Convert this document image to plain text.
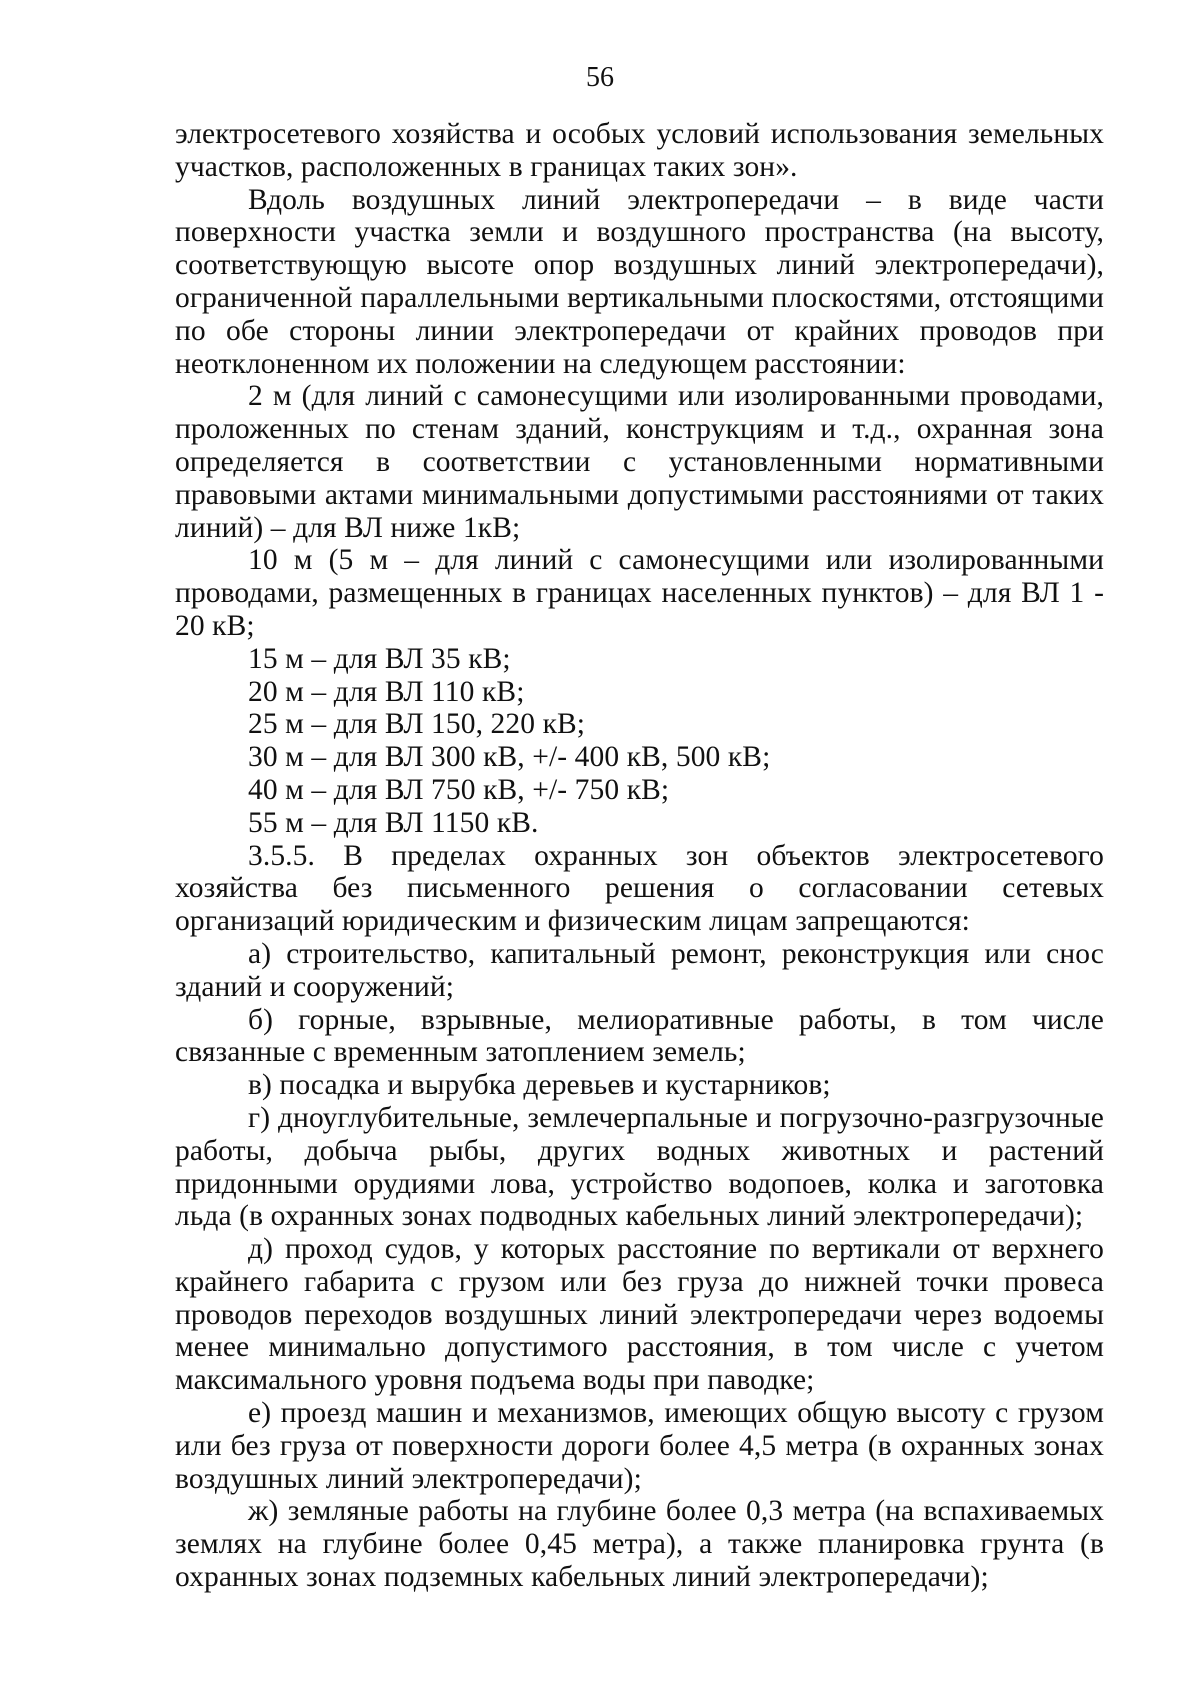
56

электросетевого хозяйства и особых условий использования земельных участков, расположенных в границах таких зон».

Вдоль воздушных линий электропередачи – в виде части поверхности участка земли и воздушного пространства (на высоту, соответствующую высоте опор воздушных линий электропередачи), ограниченной параллельными вертикальными плоскостями, отстоящими по обе стороны линии электропередачи от крайних проводов при неотклоненном их положении на следующем расстоянии:

2 м (для линий с самонесущими или изолированными проводами, проложенных по стенам зданий, конструкциям и т.д., охранная зона определяется в соответствии с установленными нормативными правовыми актами минимальными допустимыми расстояниями от таких линий) – для ВЛ ниже 1кВ;

10 м (5 м – для линий с самонесущими или изолированными проводами, размещенных в границах населенных пунктов) – для ВЛ 1 - 20 кВ;

15 м – для ВЛ 35 кВ;

20 м – для ВЛ 110 кВ;

25 м – для ВЛ 150, 220 кВ;

30 м – для ВЛ 300 кВ, +/- 400 кВ, 500 кВ;

40 м – для ВЛ 750 кВ, +/- 750 кВ;

55 м – для ВЛ 1150 кВ.

3.5.5. В пределах охранных зон объектов электросетевого хозяйства без письменного решения о согласовании сетевых организаций юридическим и физическим лицам запрещаются:

а) строительство, капитальный ремонт, реконструкция или снос зданий и сооружений;

б) горные, взрывные, мелиоративные работы, в том числе связанные с временным затоплением земель;

в) посадка и вырубка деревьев и кустарников;

г) дноуглубительные, землечерпальные и погрузочно-разгрузочные работы, добыча рыбы, других водных животных и растений придонными орудиями лова, устройство водопоев, колка и заготовка льда (в охранных зонах подводных кабельных линий электропередачи);

д) проход судов, у которых расстояние по вертикали от верхнего крайнего габарита с грузом или без груза до нижней точки провеса проводов переходов воздушных линий электропередачи через водоемы менее минимально допустимого расстояния, в том числе с учетом максимального уровня подъема воды при паводке;

е) проезд машин и механизмов, имеющих общую высоту с грузом или без груза от поверхности дороги более 4,5 метра (в охранных зонах воздушных линий электропередачи);

ж) земляные работы на глубине более 0,3 метра (на вспахиваемых землях на глубине более 0,45 метра), а также планировка грунта (в охранных зонах подземных кабельных линий электропередачи);
